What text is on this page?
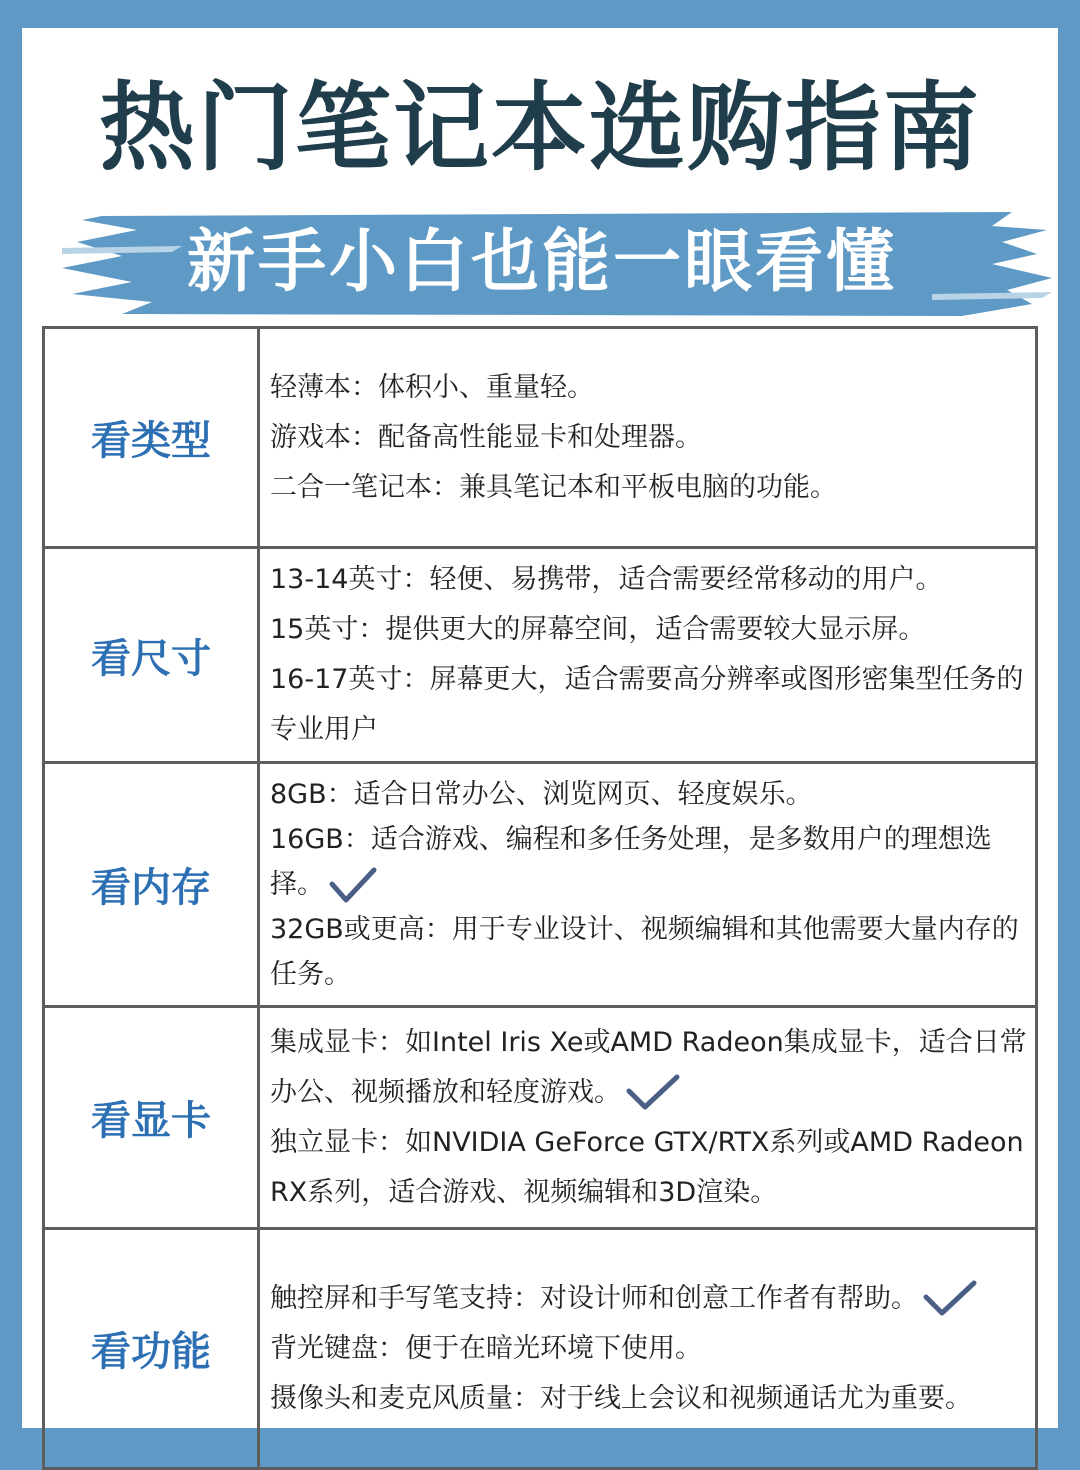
热门笔记本选购指南
新手小白也能一眼看懂
看类型	轻薄本：体积小、重量轻。
游戏本：配备高性能显卡和处理器。
二合一笔记本：兼具笔记本和平板电脑的功能。

看尺寸	13-14英寸：轻便、易携带，适合需要经常移动的用户。
15英寸：提供更大的屏幕空间，适合需要较大显示屏。
16-17英寸：屏幕更大，适合需要高分辨率或图形密集型任务的专业用户

看内存	8GB：适合日常办公、浏览网页、轻度娱乐。
16GB：适合游戏、编程和多任务处理，是多数用户的理想选择。
32GB或更高：用于专业设计、视频编辑和其他需要大量内存的任务。

看显卡	集成显卡：如Intel Iris Xe或AMD Radeon集成显卡，适合日常办公、视频播放和轻度游戏。
独立显卡：如NVIDIA GeForce GTX/RTX系列或AMD Radeon RX系列，适合游戏、视频编辑和3D渲染。

看功能	触控屏和手写笔支持：对设计师和创意工作者有帮助。
背光键盘：便于在暗光环境下使用。
摄像头和麦克风质量：对于线上会议和视频通话尤为重要。
